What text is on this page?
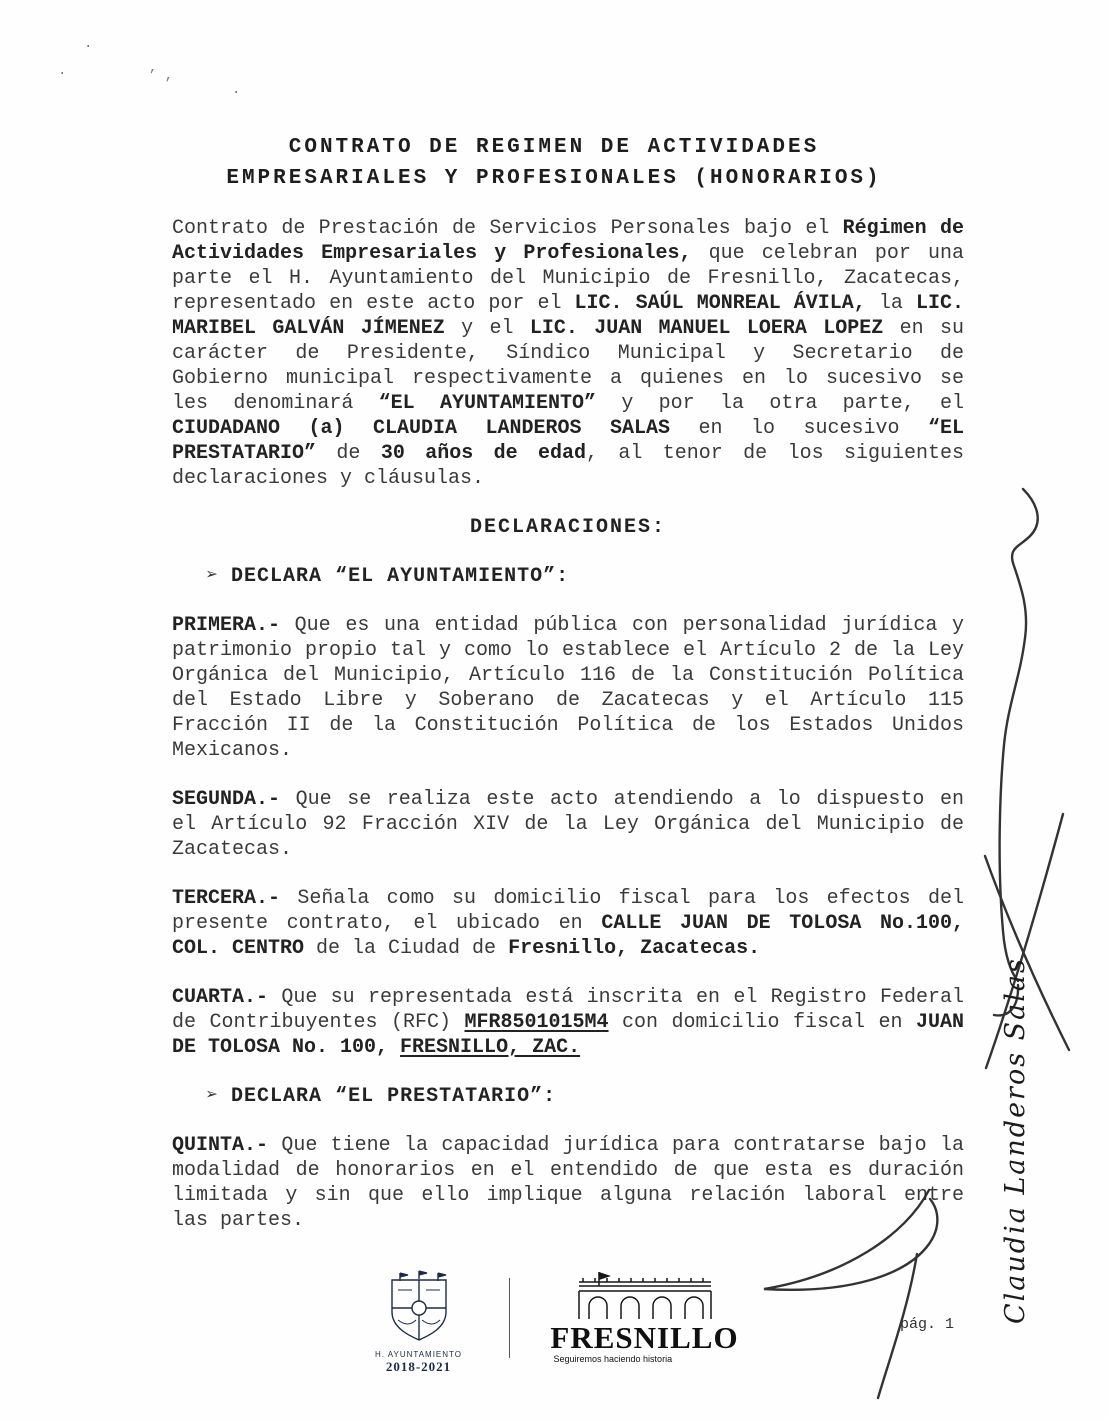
.
·	’ ,
.
CONTRATO DE REGIMEN DE ACTIVIDADES
EMPRESARIALES Y PROFESIONALES (HONORARIOS)

Contrato de Prestación de Servicios Personales bajo el Régimen de Actividades Empresariales y Profesionales, que celebran por una parte el H. Ayuntamiento del Municipio de Fresnillo, Zacatecas, representado en este acto por el LIC. SAÚL MONREAL ÁVILA, la LIC. MARIBEL GALVÁN JÍMENEZ y el LIC. JUAN MANUEL LOERA LOPEZ en su carácter de Presidente, Síndico Municipal y Secretario de Gobierno municipal respectivamente a quienes en lo sucesivo se les denominará “EL AYUNTAMIENTO” y por la otra parte, el CIUDADANO (a) CLAUDIA LANDEROS SALAS en lo sucesivo “EL PRESTATARIO” de 30 años de edad, al tenor de los siguientes declaraciones y cláusulas.

DECLARACIONES:
➢ DECLARA “EL AYUNTAMIENTO”:

PRIMERA.- Que es una entidad pública con personalidad jurídica y patrimonio propio tal y como lo establece el Artículo 2 de la Ley Orgánica del Municipio, Artículo 116 de la Constitución Política del Estado Libre y Soberano de Zacatecas y el Artículo 115 Fracción II de la Constitución Política de los Estados Unidos Mexicanos.

SEGUNDA.- Que se realiza este acto atendiendo a lo dispuesto en el Artículo 92 Fracción XIV de la Ley Orgánica del Municipio de Zacatecas.

TERCERA.- Señala como su domicilio fiscal para los efectos del presente contrato, el ubicado en CALLE JUAN DE TOLOSA No.100, COL. CENTRO de la Ciudad de Fresnillo, Zacatecas.

CUARTA.- Que su representada está inscrita en el Registro Federal de Contribuyentes (RFC) MFR8501015M4 con domicilio fiscal en JUAN DE TOLOSA No. 100, FRESNILLO, ZAC.

➢ DECLARA “EL PRESTATARIO”:

QUINTA.- Que tiene la capacidad jurídica para contratarse bajo la modalidad de honorarios en el entendido de que esta es duración limitada y sin que ello implique alguna relación laboral entre las partes.	Claudia Landeros Salas
H. AYUNTAMIENTO
2018-2021
FRESNILLO
Seguiremos haciendo historia
pág. 1
